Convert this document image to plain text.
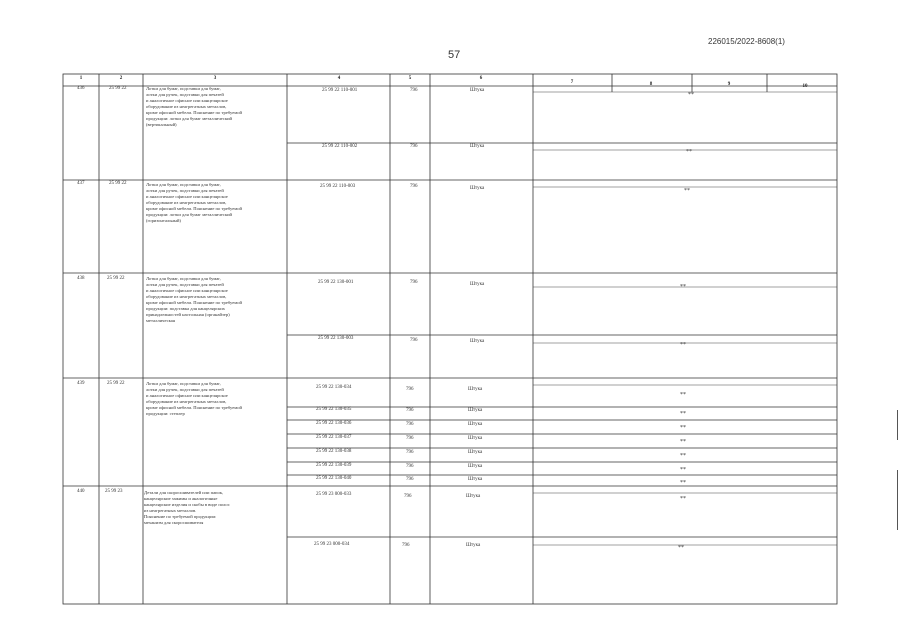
226015/2022-8608(1)
57
1	2	3	4	5	6
7	8	9	10
436	25 99 22	Лотки для бумаг, подставки для бумаг,
лотки для ручек, подставки для печатей
и аналогичное офисное или канцелярское
оборудование из неагрегатных металлов,
кроме офисной мебели. Пояснение по требуемой
продукции: лотки для бумаг металлический
(вертикальный)
25 99 22 110-001	796	Штука
**
25 99 22 110-002	796	Штука
**
437	25 99 22	Лотки для бумаг, подставки для бумаг,
лотки для ручек, подставки для печатей
и аналогичное офисное или канцелярское
оборудование из неагрегатных металлов,
кроме офисной мебели. Пояснение по требуемой
продукции: лотки для бумаг металлический
(горизонтальный)
25 99 22 110-003	796	Штука	**
438	25 99 22	Лотки для бумаг, подставки для бумаг,
лотки для ручек, подставки для печатей
и аналогичное офисное или канцелярское
оборудование из неагрегатных металлов,
кроме офисной мебели. Пояснение по требуемой
продукции: подставка для канцелярских
принадлежностей настольная (органайзер)
металлическая
25 99 22 130-001	796	Штука	**
25 99 22 130-003	796	Штука
**
439	25 99 22	Лотки для бумаг, подставки для бумаг,
лотки для ручек, подставки для печатей
и аналогичное офисное или канцелярское
оборудование из неагрегатных металлов,
кроме офисной мебели. Пояснение по требуемой
продукции: степлер
25 99 22 130-034	796	Штука
**
25 99 22 130-035	796	Штука
**
25 99 22 130-036	796	Штука
**
25 99 22 130-037	796	Штука
**
25 99 22 130-038	796	Штука
**
25 99 22 130-039	796	Штука
**
25 99 22 130-040	796	Штука
**
440	25 99 23	Детали для скоросшивателей или папок,
канцелярские зажимы и аналогичные
канцелярские изделия и скобы в виде полос
из неагрегатных металлов.
Пояснение по требуемой продукции:
механизм для скоросшивателя
25 99 23 000-033	796	Штука	**
25 99 23 000-034	796	Штука	**
